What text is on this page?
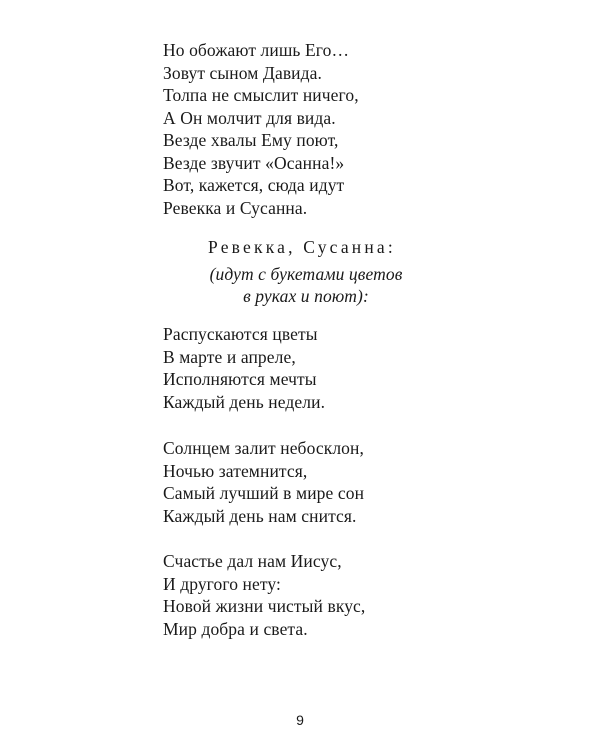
Но обожают лишь Его…
Зовут сыном Давида.
Толпа не смыслит ничего,
А Он молчит для вида.
Везде хвалы Ему поют,
Везде звучит «Осанна!»
Вот, кажется, сюда идут
Ревекка и Сусанна.
Ревекка, Сусанна:
(идут с букетами цветов
в руках и поют):
Распускаются цветы
В марте и апреле,
Исполняются мечты
Каждый день недели.
Солнцем залит небосклон,
Ночью затемнится,
Самый лучший в мире сон
Каждый день нам снится.
Счастье дал нам Иисус,
И другого нету:
Новой жизни чистый вкус,
Мир добра и света.
9
